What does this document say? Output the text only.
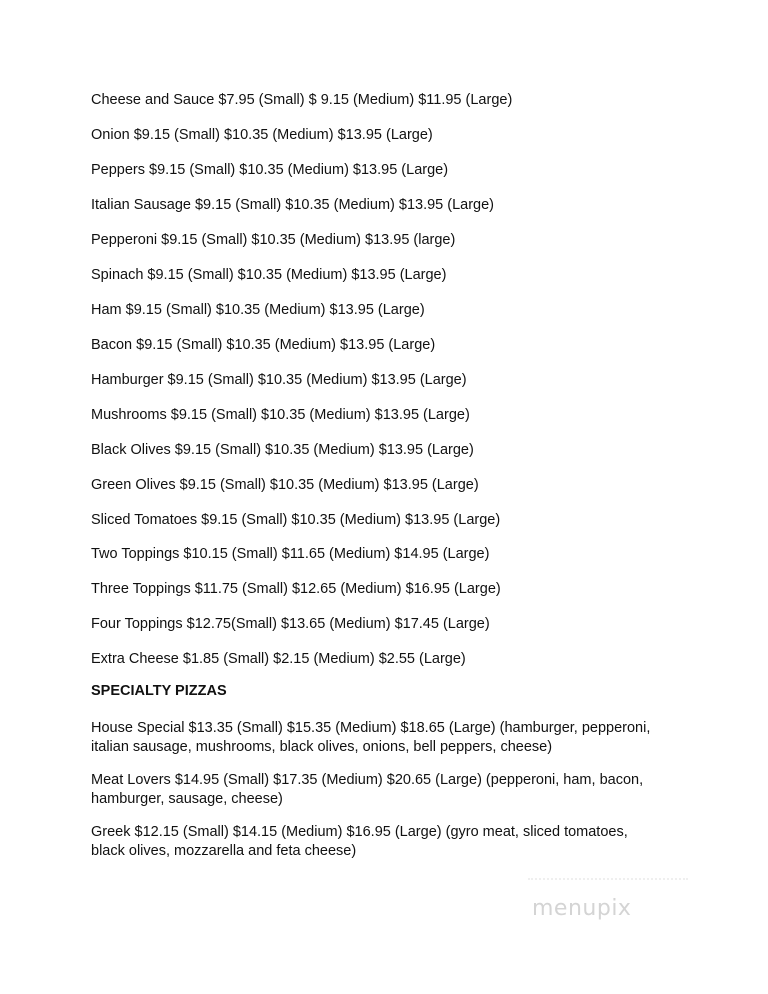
Cheese and Sauce $7.95 (Small) $ 9.15 (Medium) $11.95 (Large)
Onion $9.15 (Small) $10.35 (Medium) $13.95 (Large)
Peppers $9.15 (Small) $10.35 (Medium) $13.95 (Large)
Italian Sausage $9.15 (Small) $10.35 (Medium) $13.95 (Large)
Pepperoni $9.15 (Small) $10.35 (Medium) $13.95 (large)
Spinach $9.15 (Small) $10.35 (Medium) $13.95 (Large)
Ham $9.15 (Small) $10.35 (Medium) $13.95 (Large)
Bacon $9.15 (Small) $10.35 (Medium) $13.95 (Large)
Hamburger $9.15 (Small) $10.35 (Medium) $13.95 (Large)
Mushrooms $9.15 (Small) $10.35 (Medium) $13.95 (Large)
Black Olives $9.15 (Small) $10.35 (Medium) $13.95 (Large)
Green Olives $9.15 (Small) $10.35 (Medium) $13.95 (Large)
Sliced Tomatoes $9.15 (Small) $10.35 (Medium) $13.95 (Large)
Two Toppings $10.15 (Small) $11.65 (Medium) $14.95 (Large)
Three Toppings $11.75 (Small) $12.65 (Medium) $16.95 (Large)
Four Toppings $12.75(Small) $13.65 (Medium) $17.45 (Large)
Extra Cheese $1.85 (Small) $2.15 (Medium) $2.55 (Large)
SPECIALTY PIZZAS
House Special $13.35 (Small) $15.35 (Medium) $18.65 (Large) (hamburger, pepperoni,
italian sausage, mushrooms, black olives, onions, bell peppers, cheese)
Meat Lovers $14.95 (Small) $17.35 (Medium) $20.65 (Large) (pepperoni, ham, bacon,
hamburger, sausage, cheese)
Greek $12.15 (Small) $14.15 (Medium) $16.95 (Large) (gyro meat, sliced tomatoes,
black olives, mozzarella and feta cheese)
menupix
